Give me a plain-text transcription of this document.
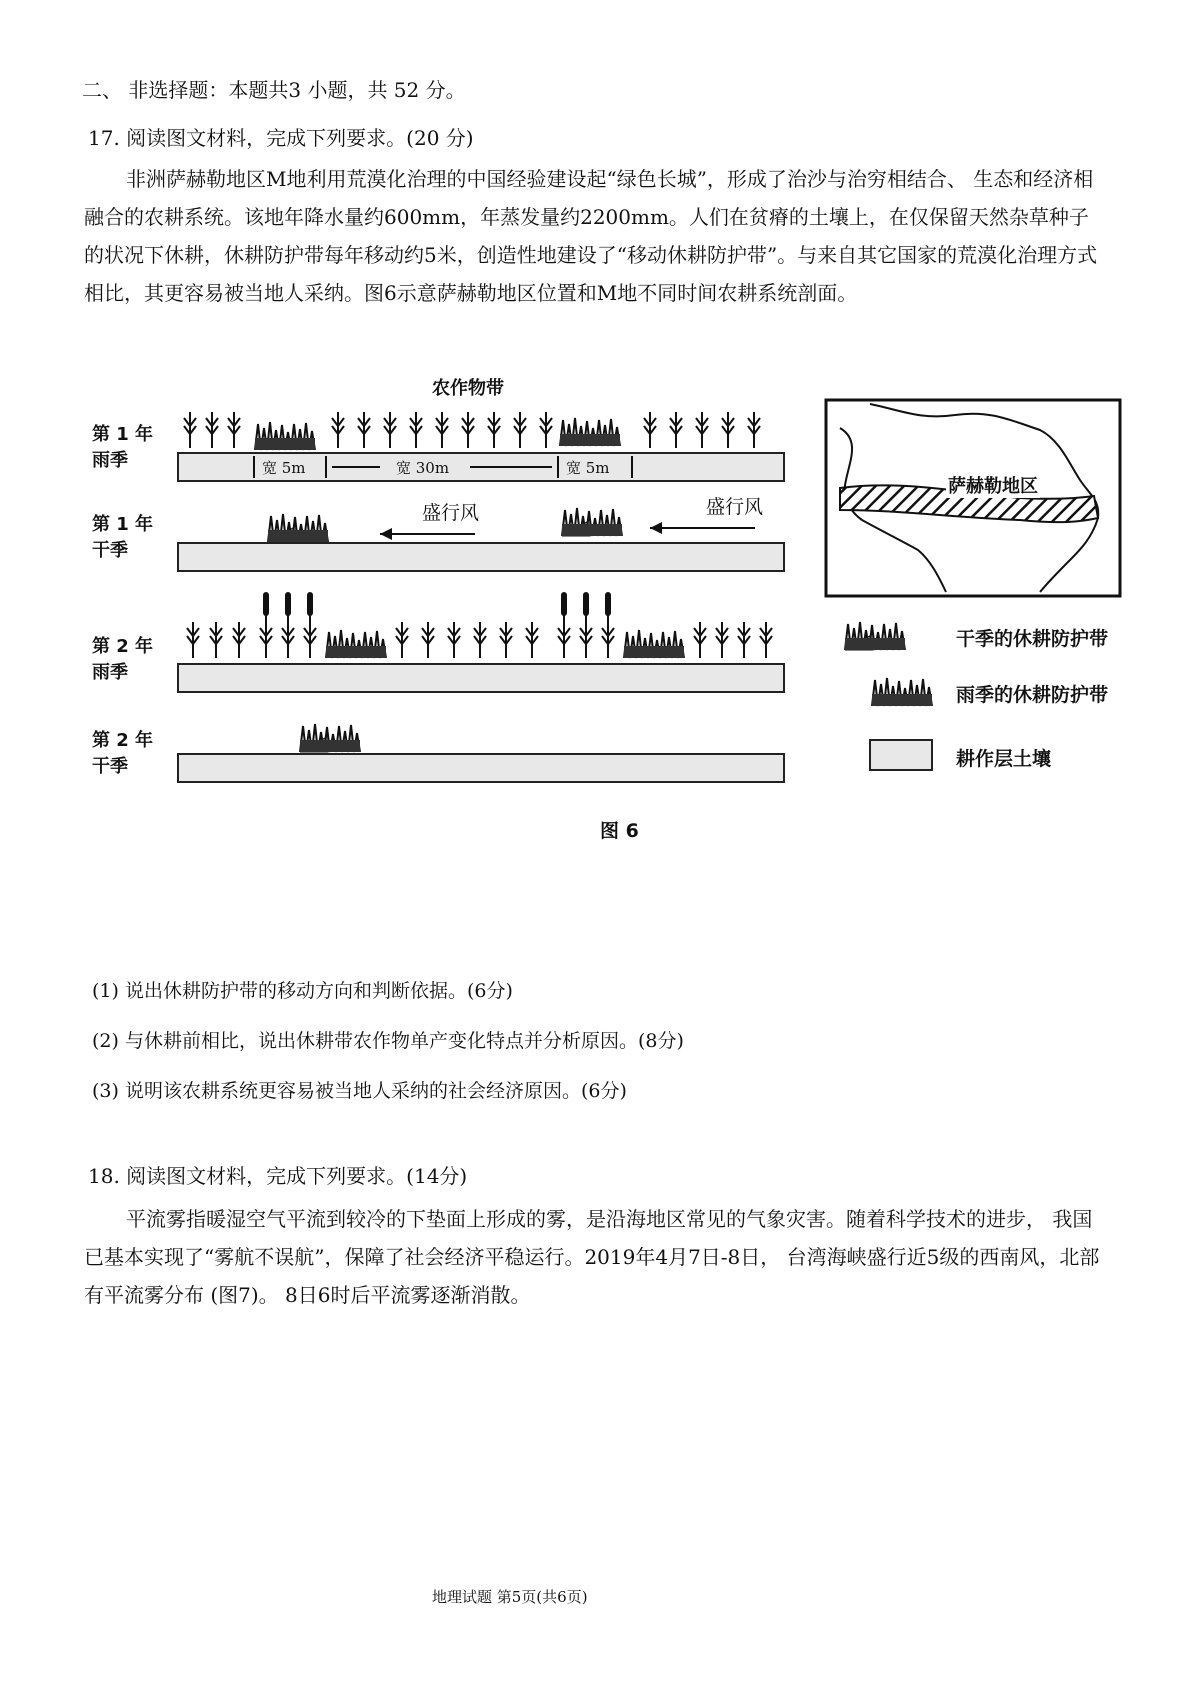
二、 非选择题：本题共3 小题，共 52 分。
17. 阅读图文材料，完成下列要求。(20 分)
非洲萨赫勒地区M地利用荒漠化治理的中国经验建设起“绿色长城”，形成了治沙与治穷相结合、 生态和经济相融合的农耕系统。该地年降水量约600mm，年蒸发量约2200mm。人们在贫瘠的土壤上，在仅保留天然杂草种子的状况下休耕，休耕防护带每年移动约5米，创造性地建设了“移动休耕防护带”。与来自其它国家的荒漠化治理方式相比，其更容易被当地人采纳。图6示意萨赫勒地区位置和M地不同时间农耕系统剖面。
农作物带
第 1 年
雨季
第 1 年
干季
第 2 年
雨季
第 2 年
干季
宽 5m	宽 30m	宽 5m
盛行风	盛行风
萨赫勒地区
干季的休耕防护带
雨季的休耕防护带
耕作层土壤
图 6
(1) 说出休耕防护带的移动方向和判断依据。(6分)
(2) 与休耕前相比，说出休耕带农作物单产变化特点并分析原因。(8分)
(3) 说明该农耕系统更容易被当地人采纳的社会经济原因。(6分)
18. 阅读图文材料，完成下列要求。(14分)
平流雾指暖湿空气平流到较冷的下垫面上形成的雾，是沿海地区常见的气象灾害。随着科学技术的进步， 我国已基本实现了“雾航不误航”，保障了社会经济平稳运行。2019年4月7日-8日， 台湾海峡盛行近5级的西南风，北部有平流雾分布 (图7)。 8日6时后平流雾逐渐消散。
地理试题 第5页(共6页)
